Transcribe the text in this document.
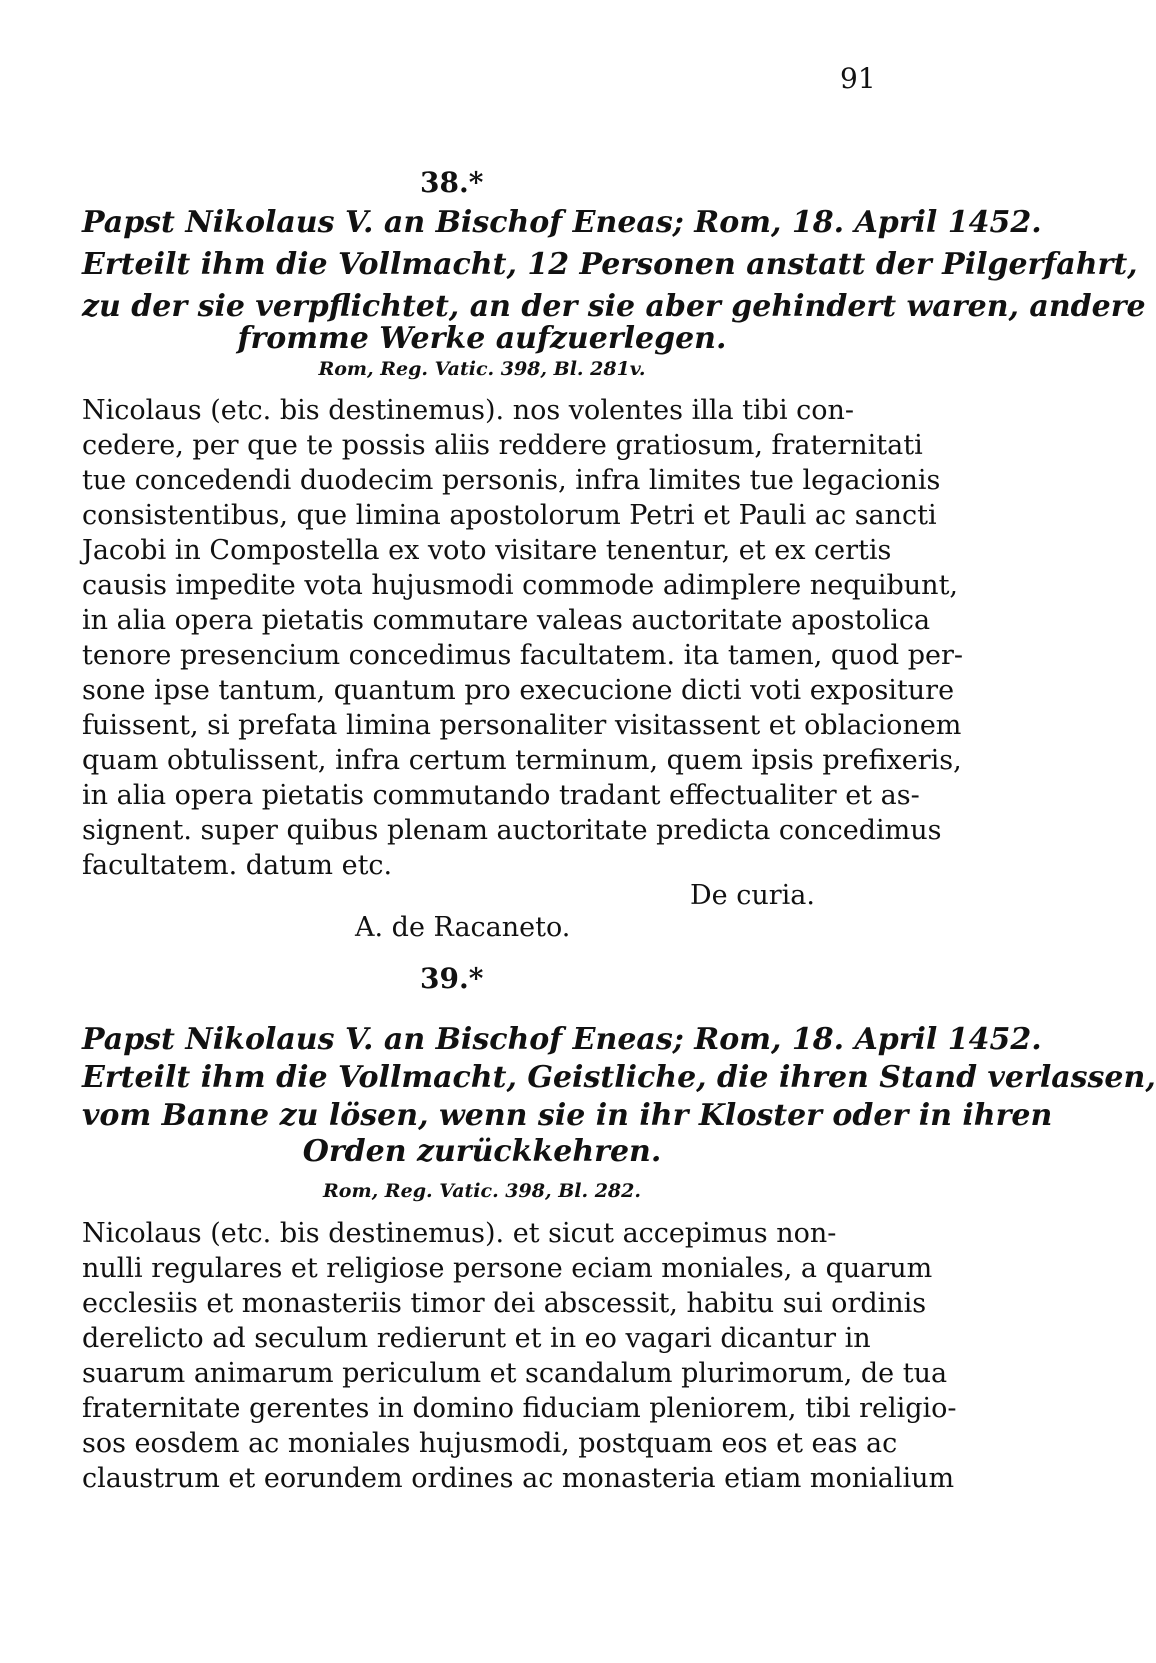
91
38.*
Papst Nikolaus V. an Bischof Eneas; Rom, 18. April 1452.
Erteilt ihm die Vollmacht, 12 Personen anstatt der Pilgerfahrt,
zu der sie verpflichtet, an der sie aber gehindert waren, andere
fromme Werke aufzuerlegen.
Rom, Reg. Vatic. 398, Bl. 281v.
Nicolaus (etc. bis destinemus). nos volentes illa tibi con-
cedere, per que te possis aliis reddere gratiosum, fraternitati
tue concedendi duodecim personis, infra limites tue legacionis
consistentibus, que limina apostolorum Petri et Pauli ac sancti
Jacobi in Compostella ex voto visitare tenentur, et ex certis
causis impedite vota hujusmodi commode adimplere nequibunt,
in alia opera pietatis commutare valeas auctoritate apostolica
tenore presencium concedimus facultatem. ita tamen, quod per-
sone ipse tantum, quantum pro execucione dicti voti expositure
fuissent, si prefata limina personaliter visitassent et oblacionem
quam obtulissent, infra certum terminum, quem ipsis prefixeris,
in alia opera pietatis commutando tradant effectualiter et as-
signent. super quibus plenam auctoritate predicta concedimus
facultatem. datum etc.
De curia.
A. de Racaneto.
39.*
Papst Nikolaus V. an Bischof Eneas; Rom, 18. April 1452.
Erteilt ihm die Vollmacht, Geistliche, die ihren Stand verlassen,
vom Banne zu lösen, wenn sie in ihr Kloster oder in ihren
Orden zurückkehren.
Rom, Reg. Vatic. 398, Bl. 282.
Nicolaus (etc. bis destinemus). et sicut accepimus non-
nulli regulares et religiose persone eciam moniales, a quarum
ecclesiis et monasteriis timor dei abscessit, habitu sui ordinis
derelicto ad seculum redierunt et in eo vagari dicantur in
suarum animarum periculum et scandalum plurimorum, de tua
fraternitate gerentes in domino fiduciam pleniorem, tibi religio-
sos eosdem ac moniales hujusmodi, postquam eos et eas ac
claustrum et eorundem ordines ac monasteria etiam monialium
